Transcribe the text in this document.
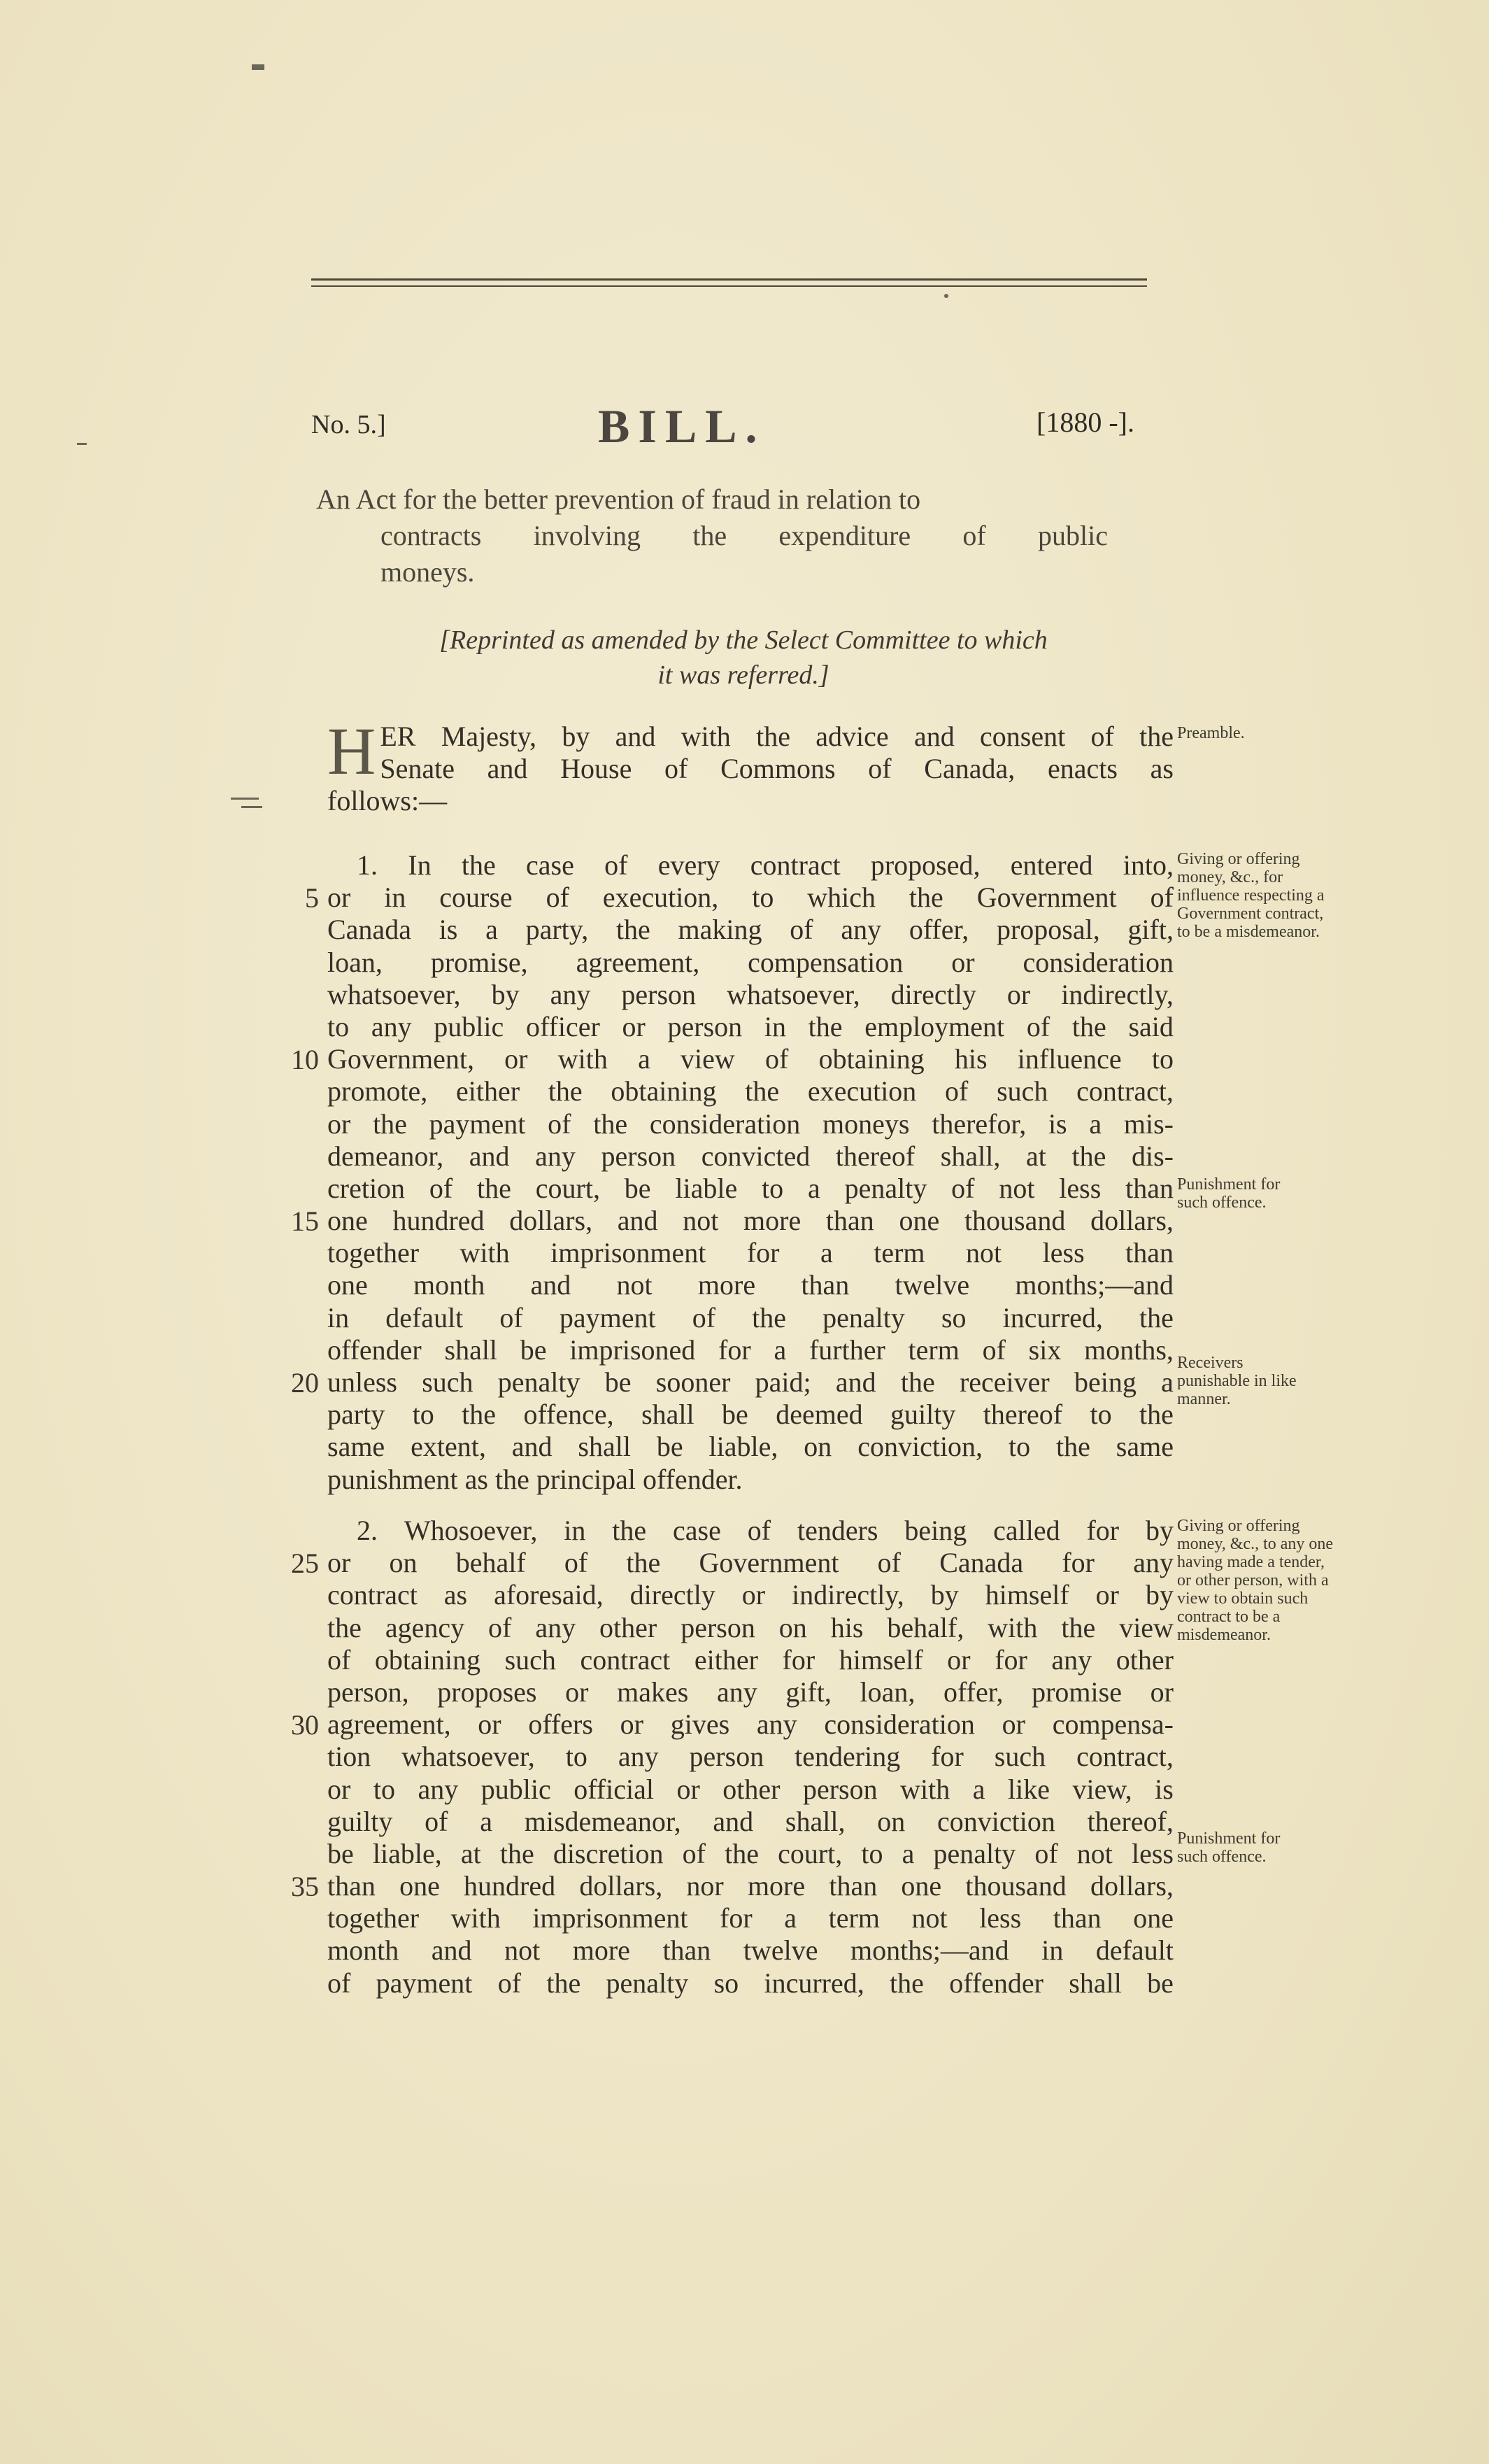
No. 5.]	BILL.	[1880 -].
An Act for the better prevention of fraud in relation to
contracts involving the expenditure of public
moneys.
[Reprinted as amended by the Select Committee to which
it was referred.]
H ER Majesty, by and with the advice and consent of the
Senate and House of Commons of Canada, enacts as
follows:—
Preamble.
1. In the case of every contract proposed, entered into,
or in course of execution, to which the Government of
Canada is a party, the making of any offer, proposal, gift,
loan, promise, agreement, compensation or consideration
whatsoever, by any person whatsoever, directly or indirectly,
to any public officer or person in the employment of the said
Government, or with a view of obtaining his influence to
promote, either the obtaining the execution of such contract,
or the payment of the consideration moneys therefor, is a mis-
demeanor, and any person convicted thereof shall, at the dis-
cretion of the court, be liable to a penalty of not less than
one hundred dollars, and not more than one thousand dollars,
together with imprisonment for a term not less than
one month and not more than twelve months;—and
in default of payment of the penalty so incurred, the
offender shall be imprisoned for a further term of six months,
unless such penalty be sooner paid; and the receiver being a
party to the offence, shall be deemed guilty thereof to the
same extent, and shall be liable, on conviction, to the same
punishment as the principal offender.
2. Whosoever, in the case of tenders being called for by
or on behalf of the Government of Canada for any
contract as aforesaid, directly or indirectly, by himself or by
the agency of any other person on his behalf, with the view
of obtaining such contract either for himself or for any other
person, proposes or makes any gift, loan, offer, promise or
agreement, or offers or gives any consideration or compensa-
tion whatsoever, to any person tendering for such contract,
or to any public official or other person with a like view, is
guilty of a misdemeanor, and shall, on conviction thereof,
be liable, at the discretion of the court, to a penalty of not less
than one hundred dollars, nor more than one thousand dollars,
together with imprisonment for a term not less than one
month and not more than twelve months;—and in default
of payment of the penalty so incurred, the offender shall be
5
10
15
20
25
30
35
Giving or offering money, &c., for influence respecting a Government contract, to be a misdemeanor.
Punishment for such offence.
Receivers punishable in like manner.
Giving or offering money, &c., to any one having made a tender, or other person, with a view to obtain such contract to be a misdemeanor.
Punishment for such offence.
